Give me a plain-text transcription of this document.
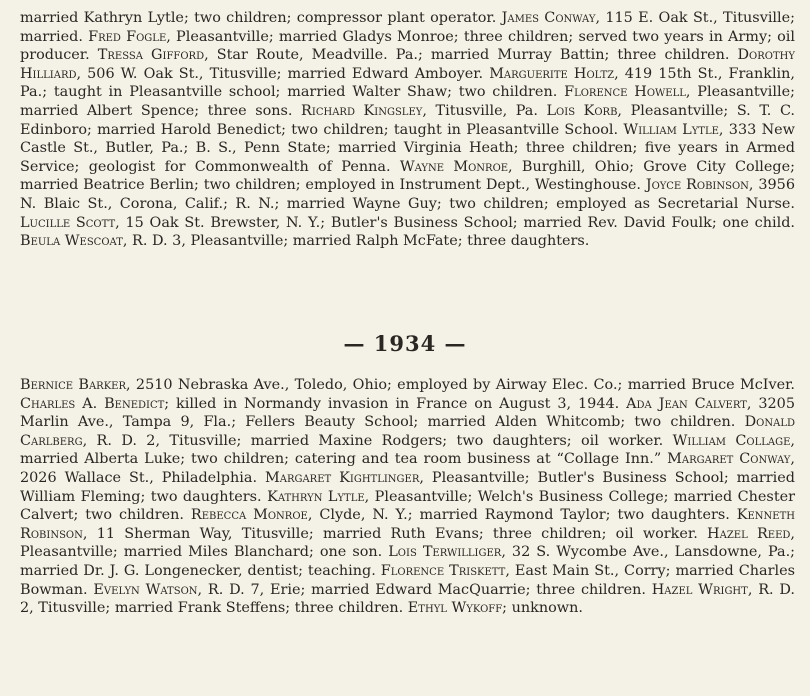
married Kathryn Lytle; two children; compressor plant operator. James Conway, 115 E. Oak St., Titusville; married. Fred Fogle, Pleasantville; married Gladys Monroe; three children; served two years in Army; oil producer. Tressa Gifford, Star Route, Meadville. Pa.; married Murray Battin; three children. Dorothy Hilliard, 506 W. Oak St., Titusville; married Edward Amboyer. Marguerite Holtz, 419 15th St., Franklin, Pa.; taught in Pleasantville school; married Walter Shaw; two children. Florence Howell, Pleasantville; married Albert Spence; three sons. Richard Kingsley, Titusville, Pa. Lois Korb, Pleasantville; S. T. C. Edinboro; married Harold Benedict; two children; taught in Pleasantville School. William Lytle, 333 New Castle St., Butler, Pa.; B. S., Penn State; married Virginia Heath; three children; five years in Armed Service; geologist for Commonwealth of Penna. Wayne Monroe, Burghill, Ohio; Grove City College; married Beatrice Berlin; two children; employed in Instrument Dept., Westinghouse. Joyce Robinson, 3956 N. Blaic St., Corona, Calif.; R. N.; married Wayne Guy; two children; employed as Secretarial Nurse. Lucille Scott, 15 Oak St. Brewster, N. Y.; Butler's Business School; married Rev. David Foulk; one child. Beula Wescoat, R. D. 3, Pleasantville; married Ralph McFate; three daughters.

— 1934 —

Bernice Barker, 2510 Nebraska Ave., Toledo, Ohio; employed by Airway Elec. Co.; married Bruce McIver. Charles A. Benedict; killed in Normandy invasion in France on August 3, 1944. Ada Jean Calvert, 3205 Marlin Ave., Tampa 9, Fla.; Fellers Beauty School; married Alden Whitcomb; two children. Donald Carlberg, R. D. 2, Titusville; married Maxine Rodgers; two daughters; oil worker. William Collage, married Alberta Luke; two children; catering and tea room business at “Collage Inn.” Margaret Conway, 2026 Wallace St., Philadelphia. Margaret Kightlinger, Pleasantville; Butler's Business School; married William Fleming; two daughters. Kathryn Lytle, Pleasantville; Welch's Business College; married Chester Calvert; two children. Rebecca Monroe, Clyde, N. Y.; married Raymond Taylor; two daughters. Kenneth Robinson, 11 Sherman Way, Titusville; married Ruth Evans; three children; oil worker. Hazel Reed, Pleasantville; married Miles Blanchard; one son. Lois Terwilliger, 32 S. Wycombe Ave., Lansdowne, Pa.; married Dr. J. G. Longenecker, dentist; teaching. Florence Triskett, East Main St., Corry; married Charles Bowman. Evelyn Watson, R. D. 7, Erie; married Edward MacQuarrie; three children. Hazel Wright, R. D. 2, Titusville; married Frank Steffens; three children. Ethyl Wykoff; unknown.
